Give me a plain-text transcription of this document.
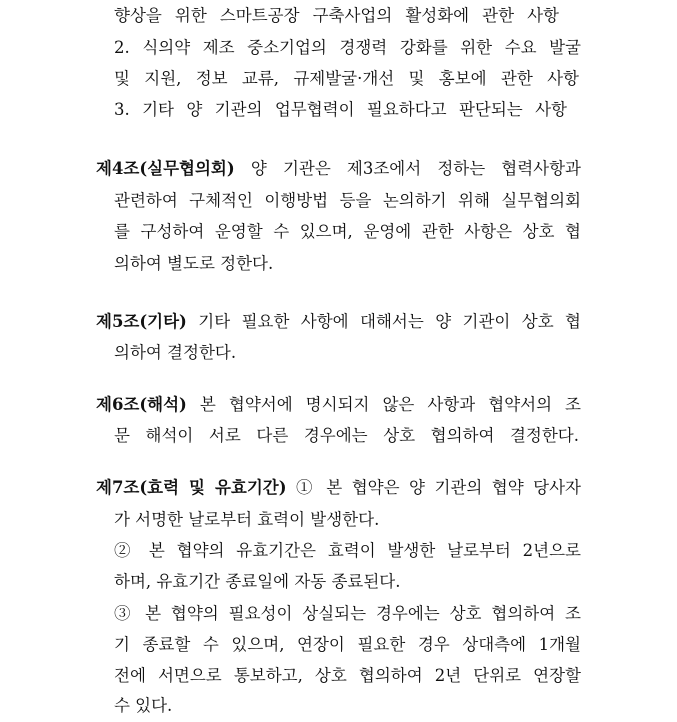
향상을 위한 스마트공장 구축사업의 활성화에 관한 사항
2. 식의약 제조 중소기업의 경쟁력 강화를 위한 수요 발굴
및 지원, 정보 교류, 규제발굴·개선 및 홍보에 관한 사항
3. 기타 양 기관의 업무협력이 필요하다고 판단되는 사항
제4조(실무협의회) 양 기관은 제3조에서 정하는 협력사항과
관련하여 구체적인 이행방법 등을 논의하기 위해 실무협의회
를 구성하여 운영할 수 있으며, 운영에 관한 사항은 상호 협
의하여 별도로 정한다.
제5조(기타) 기타 필요한 사항에 대해서는 양 기관이 상호 협
의하여 결정한다.
제6조(해석) 본 협약서에 명시되지 않은 사항과 협약서의 조
문 해석이 서로 다른 경우에는 상호 협의하여 결정한다.
제7조(효력 및 유효기간) ① 본 협약은 양 기관의 협약 당사자
가 서명한 날로부터 효력이 발생한다.
② 본 협약의 유효기간은 효력이 발생한 날로부터 2년으로
하며, 유효기간 종료일에 자동 종료된다.
③ 본 협약의 필요성이 상실되는 경우에는 상호 협의하여 조
기 종료할 수 있으며, 연장이 필요한 경우 상대측에 1개월
전에 서면으로 통보하고, 상호 협의하여 2년 단위로 연장할
수 있다.
